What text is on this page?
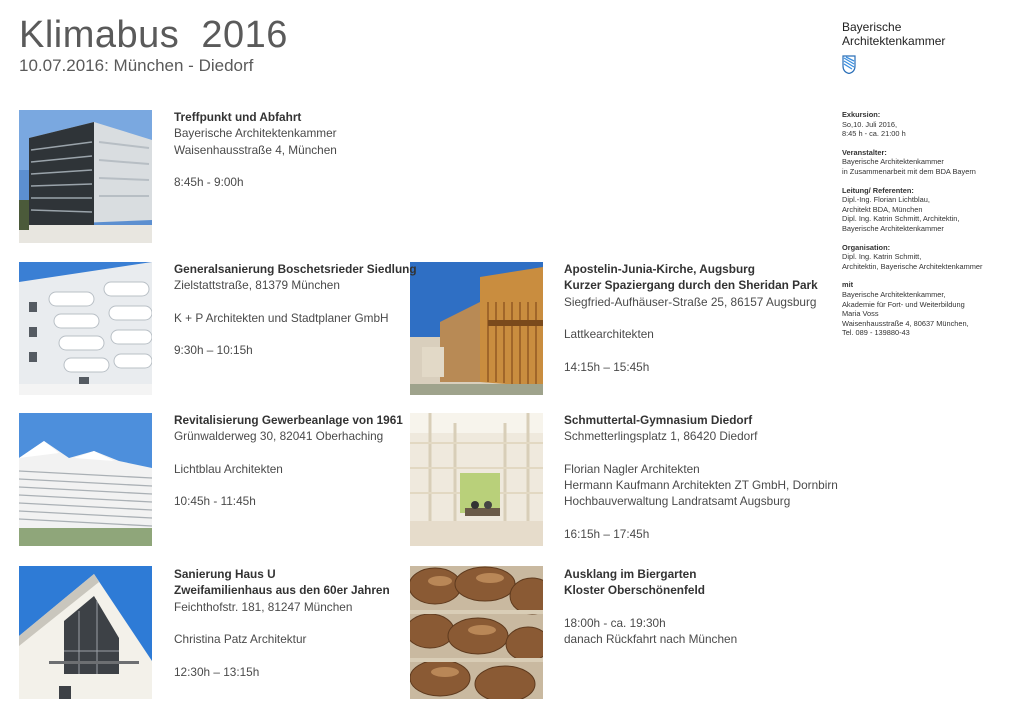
Klimabus  2016
10.07.2016: München - Diedorf
Bayerische
Architektenkammer
Exkursion:
So,10. Juli 2016,
8:45 h - ca. 21:00 h
Veranstalter:
Bayerische Architektenkammer
in Zusammenarbeit mit dem BDA Bayern
Leitung/ Referenten:
Dipl.-Ing. Florian Lichtblau,
Architekt BDA, München
Dipl. Ing. Katrin Schmitt, Architektin,
Bayerische Architektenkammer
Organisation:
Dipl. Ing. Katrin Schmitt,
Architektin, Bayerische Architektenkammer
mit
Bayerische Architektenkammer,
Akademie für Fort- und Weiterbildung
Maria Voss
Waisenhausstraße 4, 80637 München,
Tel. 089 - 139880-43
Treffpunkt und Abfahrt
Bayerische Architektenkammer
Waisenhausstraße 4, München
8:45h - 9:00h
Generalsanierung Boschetsrieder Siedlung
Zielstattstraße, 81379 München
K + P Architekten und Stadtplaner GmbH
9:30h – 10:15h
Revitalisierung Gewerbeanlage von 1961
Grünwalderweg 30, 82041 Oberhaching
Lichtblau Architekten
10:45h - 11:45h
Sanierung Haus U
Zweifamilienhaus aus den 60er Jahren
Feichthofstr. 181, 81247 München
Christina Patz Architektur
12:30h – 13:15h
Apostelin-Junia-Kirche, Augsburg
Kurzer Spaziergang durch den Sheridan Park
Siegfried-Aufhäuser-Straße 25, 86157 Augsburg
Lattkearchitekten
14:15h – 15:45h
Schmuttertal-Gymnasium Diedorf
Schmetterlingsplatz 1, 86420 Diedorf
Florian Nagler Architekten
Hermann Kaufmann Architekten ZT GmbH, Dornbirn
Hochbauverwaltung Landratsamt Augsburg
16:15h – 17:45h
Ausklang im Biergarten
Kloster Oberschönenfeld
18:00h - ca. 19:30h
danach Rückfahrt nach München
